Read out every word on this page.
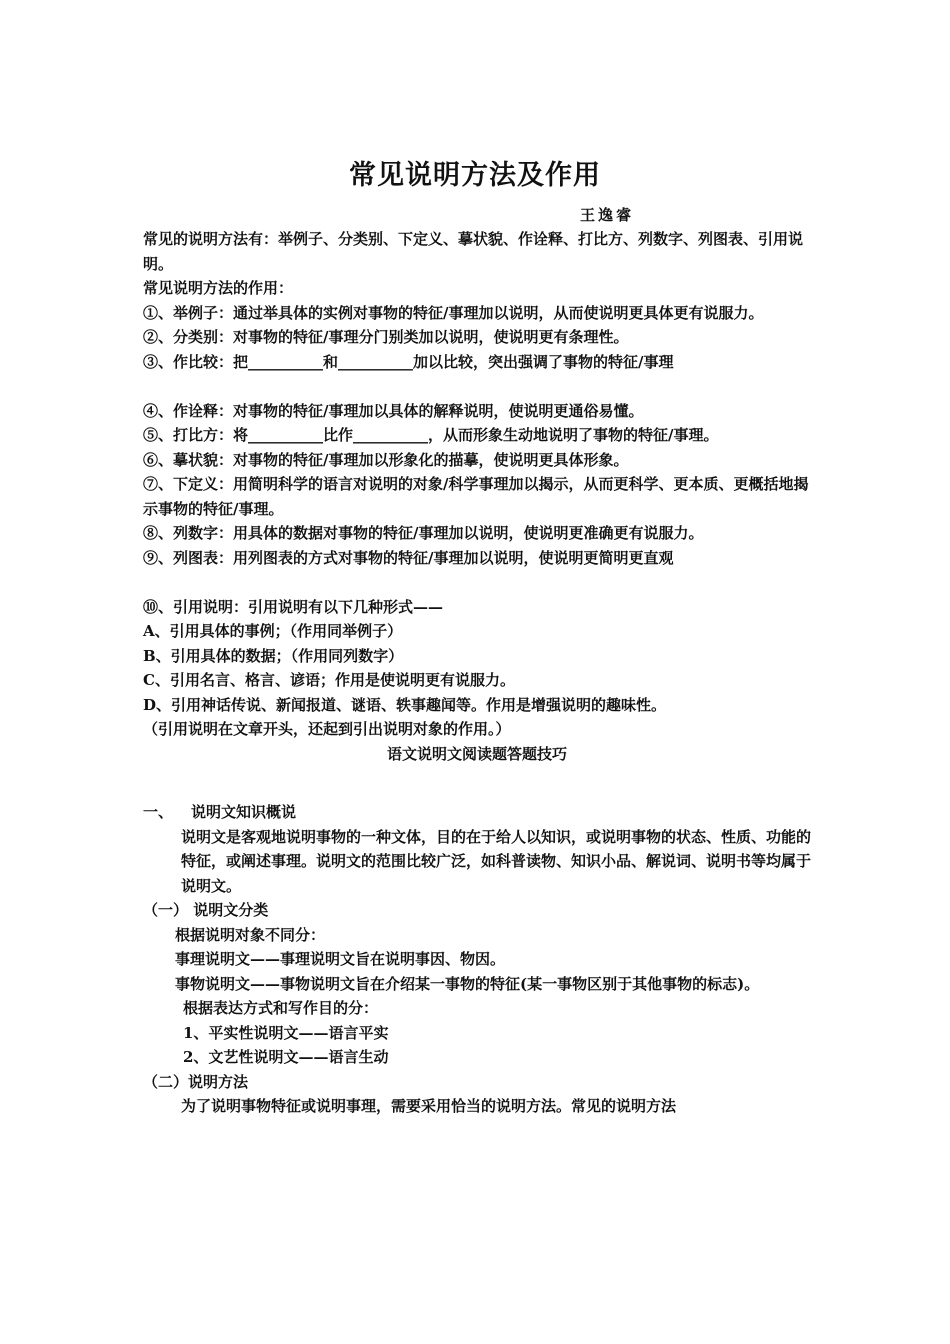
常见说明方法及作用
王逸睿

常见的说明方法有：举例子、分类别、下定义、摹状貌、作诠释、打比方、列数字、列图表、引用说明。

常见说明方法的作用：

①、举例子：通过举具体的实例对事物的特征/事理加以说明，从而使说明更具体更有说服力。

②、分类别：对事物的特征/事理分门别类加以说明，使说明更有条理性。

③、作比较：把__________和__________加以比较，突出强调了事物的特征/事理

④、作诠释：对事物的特征/事理加以具体的解释说明，使说明更通俗易懂。

⑤、打比方：将__________比作__________，从而形象生动地说明了事物的特征/事理。

⑥、摹状貌：对事物的特征/事理加以形象化的描摹，使说明更具体形象。

⑦、下定义：用简明科学的语言对说明的对象/科学事理加以揭示，从而更科学、更本质、更概括地揭示事物的特征/事理。

⑧、列数字：用具体的数据对事物的特征/事理加以说明，使说明更准确更有说服力。

⑨、列图表：用列图表的方式对事物的特征/事理加以说明，使说明更简明更直观

⑩、引用说明：引用说明有以下几种形式——

A、引用具体的事例；（作用同举例子）

B、引用具体的数据；（作用同列数字）

C、引用名言、格言、谚语；作用是使说明更有说服力。

D、引用神话传说、新闻报道、谜语、轶事趣闻等。作用是增强说明的趣味性。

（引用说明在文章开头，还起到引出说明对象的作用。）

语文说明文阅读题答题技巧

一、 说明文知识概说

说明文是客观地说明事物的一种文体，目的在于给人以知识，或说明事物的状态、性质、功能的特征，或阐述事理。说明文的范围比较广泛，如科普读物、知识小品、解说词、说明书等均属于说明文。

（一） 说明文分类

根据说明对象不同分：

事理说明文——事理说明文旨在说明事因、物因。

事物说明文——事物说明文旨在介绍某一事物的特征(某一事物区别于其他事物的标志)。

根据表达方式和写作目的分：

1、平实性说明文——语言平实

2、文艺性说明文——语言生动

（二）说明方法

为了说明事物特征或说明事理，需要采用恰当的说明方法。常见的说明方法
